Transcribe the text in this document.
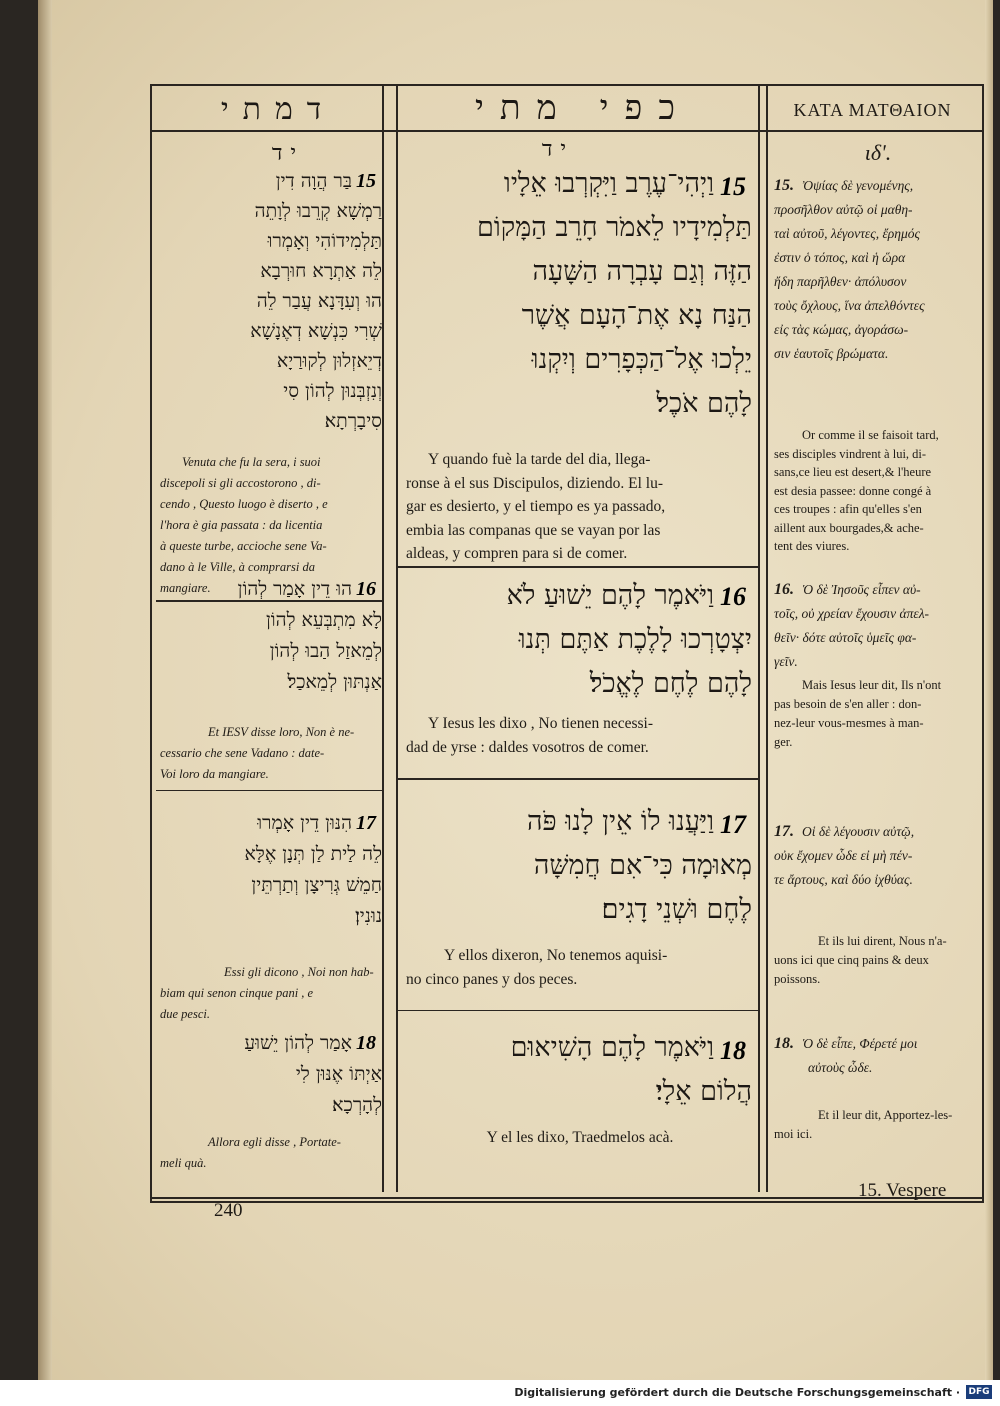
דמתי	כפי מתי	ΚΑΤΑ ΜΑΤΘΑΙΟΝ
יד	יד	ιδʹ.
15
בַּר הֲוָה דִין
רַמְשָׁא קְרֵבוּ לְוָתֵה
תַּלְמִידוֹהִי וְאָמְרוּ
לֵה אַתְרָא חוּרְבָא
הוּ וְעִדָּנָא עֲבַר לֵה
שְׁרִי כִּנְשָׁא דְאֶנָשָׁא
דְיֵאזְלוּן לְקוּרַיָא
וְנִזְבְּנוּן לְהוֹן סִי
סִיבָרְתָא׃
Venuta che fu la sera, i suoi
discepoli si gli accostorono , di-
cendo , Questo luogo è diserto , e
l'hora è gia passata : da licentia
à queste turbe, accioche sene Va-
dano à le Ville, à comprarsi da
mangiare.	16
הוּ דֵין אָמַר לְהוֹן
לָא מִתְבְּעֵא לְהוֹן
לְמֵאזַל הַבוּ לְהוֹן
אַנְתּוּן לְמֵאכַל׃
Et IESV disse loro, Non è ne-
cessario che sene Vadano : date-
Voi loro da mangiare.
17
הִנּוּן דֵין אָמְרוּ
לֵה לַית לַן תְּנָן אֶלָּא
חַמֵשׁ גְּרִיצָן וְתַרְתֵּין
נוּנִין׃
Essi gli dicono , Noi non hab-
biam qui senon cinque pani , e
due pesci.
18
אָמַר לְהוֹן יֵשׁוּעַ
אַיְתּוֹ אֶנּוּן לִי
לְהָרְכָא׃
Allora egli disse , Portate-
meli quà.
15
וַיְהִי־עֶרֶב וַיִּקְרְבוּ אֵלָיו
תַּלְמִידָיו לֵאמֹר חָרֵב הַמָּקוֹם
הַזֶּה וְגַם עָבְרָה הַשָּׁעָה
הַנַּח נָא אֶת־הָעָם אֲשֶׁר
יֵלְכוּ אֶל־הַכְּפָרִים וְיִקְנוּ
לָהֶם אֹכֶל׃
Y quando fuè la tarde del dia, llega-
ronse à el sus Discipulos, diziendo. El lu-
gar es desierto, y el tiempo es ya passado,
embia las companas que se vayan por las
aldeas, y compren para si de comer.
16
וַיֹּאמֶר לָהֶם יֵשׁוּעַ לֹא
יִצְטָרְכוּ לָלֶכֶת אַתֶּם תְּנוּ
לָהֶם לֶחֶם לֶאֱכֹל׃
Y Iesus les dixo , No tienen necessi-
dad de yrse : daldes vosotros de comer.
17
וַיַּעֲנוּ לוֹ אֵין לָנוּ פֹּה
מְאוּמָה כִּי־אִם חֲמִשָּׁה
לֶחֶם וּשְׁנֵי דָגִים׃
Y ellos dixeron, No tenemos aquisi-
no cinco panes y dos peces.
18
וַיֹּאמֶר לָהֶם הָשִׁיאוּם
הֲלוֹם אֵלָי׃
Y el les dixo, Traedmelos acà.
15. Ὀψίας δὲ γενομένης,
προσῆλθον αὐτῷ οἱ μαθη-
ταὶ αὐτοῦ, λέγοντες, ἔρημός
ἐστιν ὁ τόπος, καὶ ἡ ὥρα
ἤδη παρῆλθεν· ἀπόλυσον
τοὺς ὄχλους, ἵνα ἀπελθόντες
εἰς τὰς κώμας, ἀγοράσω-
σιν ἑαυτοῖς βρώματα.
Or comme il se faisoit tard,
ses disciples vindrent à lui, di-
sans,ce lieu est desert,& l'heure
est desia passee: donne congé à
ces troupes : afin qu'elles s'en
aillent aux bourgades,& ache-
tent des viures.
16. Ὁ δὲ Ἰησοῦς εἶπεν αὐ-
τοῖς, οὐ χρείαν ἔχουσιν ἀπελ-
θεῖν· δότε αὐτοῖς ὑμεῖς φα-
γεῖν.
Mais Iesus leur dit, Ils n'ont
pas besoin de s'en aller : don-
nez-leur vous-mesmes à man-
ger.
17. Οἱ δὲ λέγουσιν αὐτῷ,
οὐκ ἔχομεν ὧδε εἰ μὴ πέν-
τε ἄρτους, καὶ δύο ἰχθύας.
Et ils lui dirent, Nous n'a-
uons ici que cinq pains & deux
poissons.
18. Ὁ δὲ εἶπε, Φέρετέ μοι
αὐτοὺς ὧδε.
Et il leur dit, Apportez-les-
moi ici.
240
15. Vespere
Digitalisierung gefördert durch die Deutsche Forschungsgemeinschaft · DFG
